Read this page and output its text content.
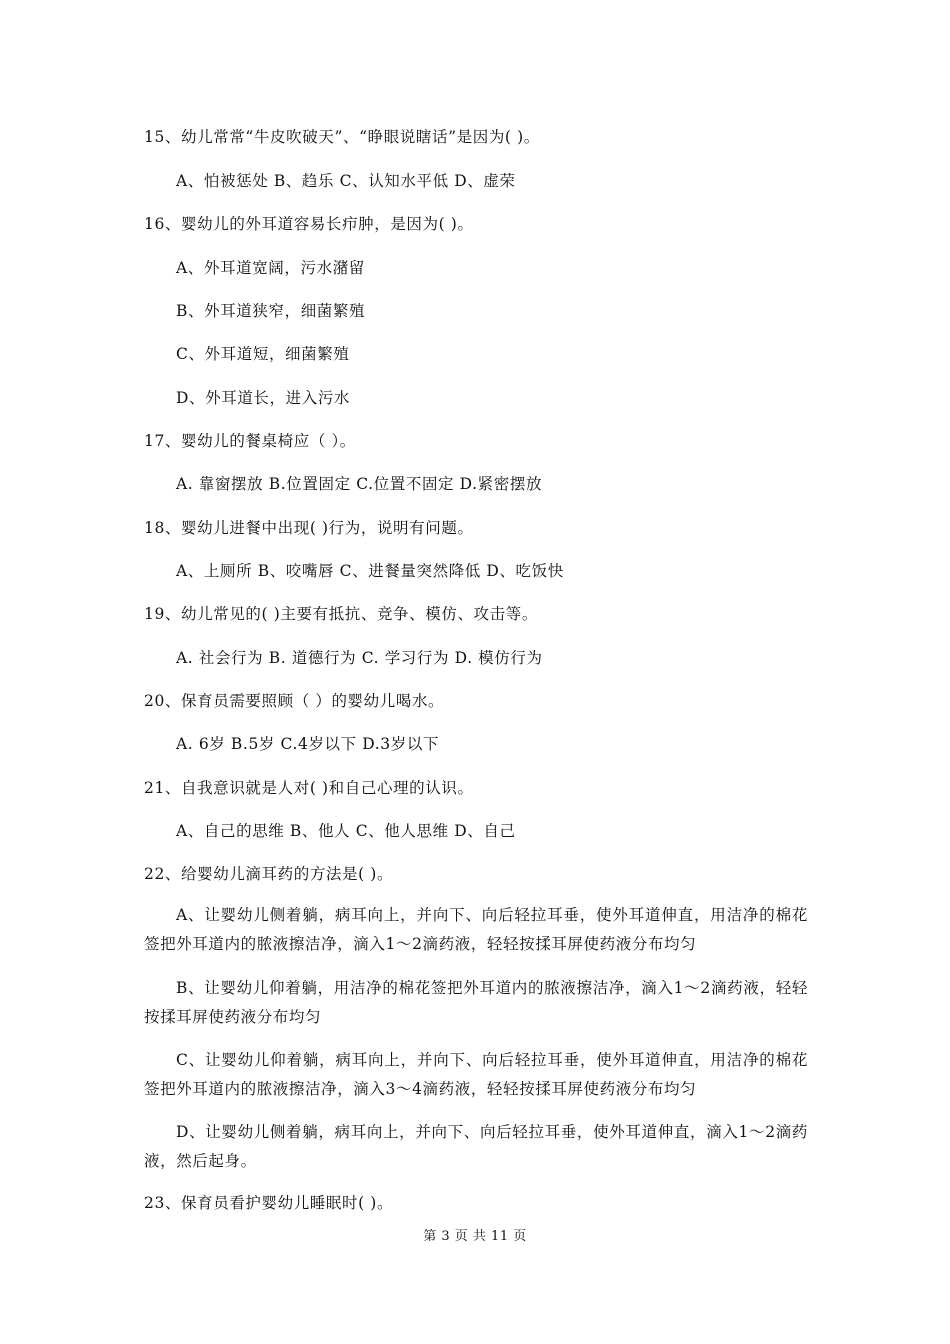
15、幼儿常常“牛皮吹破天”、“睁眼说瞎话”是因为( )。
A、怕被惩处 B、趋乐 C、认知水平低 D、虚荣
16、婴幼儿的外耳道容易长疖肿，是因为( )。
A、外耳道宽阔，污水潴留
B、外耳道狭窄，细菌繁殖
C、外耳道短，细菌繁殖
D、外耳道长，进入污水
17、婴幼儿的餐桌椅应（ ）。
A. 靠窗摆放 B.位置固定 C.位置不固定 D.紧密摆放
18、婴幼儿进餐中出现( )行为，说明有问题。
A、上厕所 B、咬嘴唇 C、进餐量突然降低 D、吃饭快
19、幼儿常见的( )主要有抵抗、竞争、模仿、攻击等。
A. 社会行为 B. 道德行为 C. 学习行为 D. 模仿行为
20、保育员需要照顾（ ）的婴幼儿喝水。
A. 6岁 B.5岁 C.4岁以下 D.3岁以下
21、自我意识就是人对( )和自己心理的认识。
A、自己的思维 B、他人 C、他人思维 D、自己
22、给婴幼儿滴耳药的方法是( )。

A、让婴幼儿侧着躺，病耳向上，并向下、向后轻拉耳垂，使外耳道伸直，用洁净的棉花签把外耳道内的脓液擦洁净，滴入1～2滴药液，轻轻按揉耳屏使药液分布均匀

B、让婴幼儿仰着躺，用洁净的棉花签把外耳道内的脓液擦洁净，滴入1～2滴药液，轻轻按揉耳屏使药液分布均匀

C、让婴幼儿仰着躺，病耳向上，并向下、向后轻拉耳垂，使外耳道伸直，用洁净的棉花签把外耳道内的脓液擦洁净，滴入3～4滴药液，轻轻按揉耳屏使药液分布均匀

D、让婴幼儿侧着躺，病耳向上，并向下、向后轻拉耳垂，使外耳道伸直，滴入1～2滴药液，然后起身。

23、保育员看护婴幼儿睡眠时( )。
第 3 页 共 11 页
